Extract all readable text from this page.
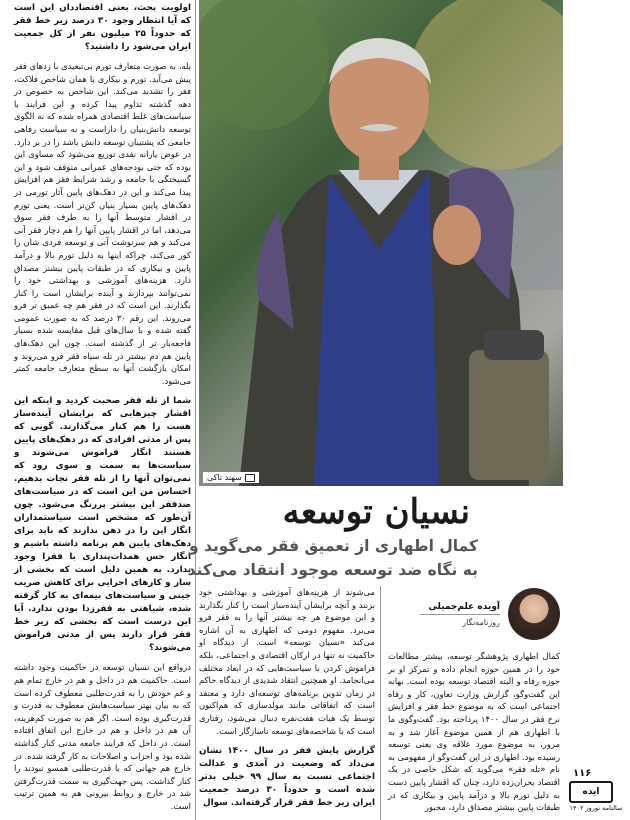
اولویت بحث، یعنی اقتصاددان این است که آیا انتظار وجود ۳۰ درصد زیر خط فقر که حدوداً ۲۵ میلیون نفر از کل جمعیت ایران می‌شود را داشتید؟

بله، به صورت متعارف تورم بی‌تبعیدی با زدهای فقر پیش می‌آید. تورم و بیکاری یا همان شاخص فلاکت، فقر را تشدید می‌کند. این شاخص به خصوص در دهه گذشته تداوم پیدا کرده و این فرایند با سیاست‌های غلط اقتصادی همراه شده که نه الگوی توسعه دانش‌بنیان را داراست و نه سیاست رفاهی جامعی که پشتیبان توسعه دانش باشد را در بر دارد. در عوض یارانه نقدی توزیع می‌شود که مساوی این بوده که حتی بودجه‌های عمرانی متوقف شود و این گسیختگی با جامعه و رشد شرایط فقر هم افزایش پیدا می‌کند و این در دهک‌های پایین آثار تورمی در دهک‌های پایین بسیار بنیان کن‌تر است. یعنی تورم در اقشار متوسط آنها را به طرف فقر سوق می‌دهد، اما در اقشار پایین آنها را هم دچار فقر آنی می‌کند و هم سرنوشت آتی و توسعه فردی شان را کور می‌کند، چراکه اینها به دلیل تورم بالا و درآمد پایین و بیکاری که در طبقات پایین بیشتر مصداق دارد. هزینه‌های آموزشی و بهداشتی خود را نمی‌توانند بپردازند و آینده برایشان است را کنار بگذارند. این است که در فقر هم چه عمیق تر فرو می‌روند. این رقم ۳۰ درصد که به صورت عمومی گفته شده و با سال‌های قبل مقایسه شده بسیار فاجعه‌بار تر از گذشته است. چون این دهک‌های پایین هم دم بیشتر در تله سیاه فقر فرو می‌روند و امکان بازگشت آنها به سطح متعارف جامعه کمتر می‌شود.

شما از تله فقر صحبت کردید و اینکه این اقشار چیزهایی که برایشان آینده‌ساز هست را هم کنار می‌گذارند. گویی که پس از مدتی افرادی که در دهک‌های پایین هستند انگار فراموش می‌شوند و سیاست‌ها به سمت و سوی رود که نمی‌توان آنها را از تله فقر نجات بدهیم. احساس من این است که در سیاست‌های ضدفقر این بیشتر پررنگ می‌شود. چون آن‌طور که مشخص است سیاستمداران انگار این را در ذهن ندارند که باید برای دهک‌های پایین هم برنامه داشته باشیم و انگار حس همذات‌پنداری با فقرا وجود ندارد. به همین دلیل است که بخشی از ساز و کارهای اجرایی برای کاهش ضریب جینی و سیاست‌های بیمه‌ای به کار گرفته شده، شیاهتی به فقرزدا بودن ندارد. آیا این درست است که بخشی که زیر خط فقر قرار دارند پس از مدتی فراموش می‌شوند؟

درواقع این نسیان توسعه در حاکمیت وجود داشته است. حاکمیت هم در داخل و هم در خارج تمام هم‌ و غم خودش را به قدرت‌طلبی معطوف کرده است که به بیان بهتر سیاست‌هایش معطوف به قدرت و قدرت‌گیری بوده است. اگر هم به صورت کم‌هزینه، آن هم در داخل و هم در خارج این اتفاق افتاده است. در داخل که فرایند جامعه مدنی کنار گذاشته شده بود و احزاب و اصلاحات به کار گرفته شده. در خارج هم جهانی که با قدرت‌طلبی همسو نبودند را کنار گذاشت. پس جهت‌گیری به سمت قدرت‌گرفتن شد در خارج و روابط بیرونی هم به همین ترتیب است.

سهند تاکی
نسیان توسعه
کمال اطهاری از تعمیق فقر می‌گوید و به نگاه ضد توسعه موجود انتقاد می‌کند

می‌شوند از هزینه‌های آموزشی و بهداشتی خود بزنند و آنچه برایشان آینده‌ساز است را کنار بگذارند و این موضوع هر چه بیشتر آنها را به فقر فرو می‌برد. مفهوم دومی که اطهاری به آن اشاره می‌کند «نسیان توسعه» است. از دیدگاه او حاکمیت نه تنها در ارکان اقتصادی و اجتماعی، بلکه فراموش کردن با سیاست‌هایی که در ابعاد مختلف می‌انجامد. او همچنین انتقاد شدیدی از دیدگاه حاکم در زمان تدوین برنامه‌های توسعه‌ای دارد و معتقد است که اتفاقاتی مانند مولدسازی که هم‌اکنون توسط یک هیات هفت‌نفره دنبال می‌شود، رفتاری است که با شاخصه‌های توسعه ناسازگار است.

گزارش پایش فقر در سال ۱۴۰۰ نشان می‌داد که وضعیت در آمدی و عدالت اجتماعی نسبت به سال ۹۹ خیلی بدتر شده است و حدوداً ۳۰ درصد جمعیت ایران زیر خط فقر قرار گرفته‌اند. سوال

آویده علم‌جمیلی
روزنامه‌نگار

کمال اطهاری پژوهشگر توسعه، بیشتر مطالعات خود را در همین حوزه انجام داده و تمرکز او بر حوزه رفاه و البته اقتصاد توسعه بوده است. بهانه این گفت‌وگو، گزارش وزارت تعاون، کار و رفاه اجتماعی است که به موضوع خط فقر و افزایش نرخ فقر در سال ۱۴۰۰ پرداخته بود. گفت‌وگوی ما با اطهاری هم از همین موضوع آغاز شد و به مرور، به موضوع مورد علاقه وی یعنی توسعه رسیده بود. اطهاری در این گفت‌وگو از مفهومی به نام «تله فقر» می‌گوید که شکل خاصی در یک اقتصاد بحران‌زده دارد، چنان که اقشار پایین دست به دلیل تورم بالا و درآمد پایین و بیکاری که در طبقات پایین بیشتر مصداق دارد، مجبور

۱۱۶
ایده
سالنامه نوروز ۱۴۰۲
